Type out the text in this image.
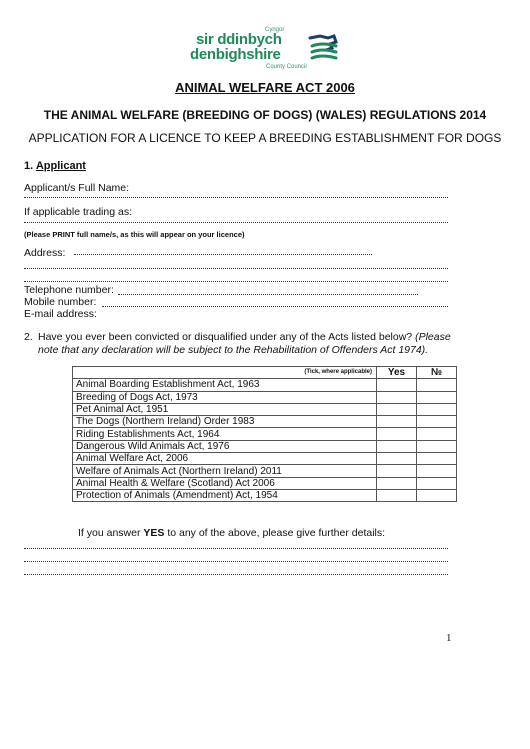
Cyngor
sir ddinbych
denbighshire
County Council
ANIMAL WELFARE ACT 2006
THE ANIMAL WELFARE (BREEDING OF DOGS) (WALES) REGULATIONS 2014
APPLICATION FOR A LICENCE TO KEEP A BREEDING ESTABLISHMENT FOR DOGS
1. Applicant
Applicant/s Full Name:
If applicable trading as:
(Please PRINT full name/s, as this will appear on your licence)
Address:
Telephone number:
Mobile number:
E-mail address:
2. Have you ever been convicted or disqualified under any of the Acts listed below? (Please note that any declaration will be subject to the Rehabilitation of Offenders Act 1974).
(Tick, where applicable)	Yes	№
Animal Boarding Establishment Act, 1963		
Breeding of Dogs Act, 1973		
Pet Animal Act, 1951		
The Dogs (Northern Ireland) Order 1983		
Riding Establishments Act, 1964		
Dangerous Wild Animals Act, 1976		
Animal Welfare Act, 2006		
Welfare of Animals Act (Northern Ireland) 2011		
Animal Health & Welfare (Scotland) Act 2006		
Protection of Animals (Amendment) Act, 1954		
If you answer YES to any of the above, please give further details:
1
